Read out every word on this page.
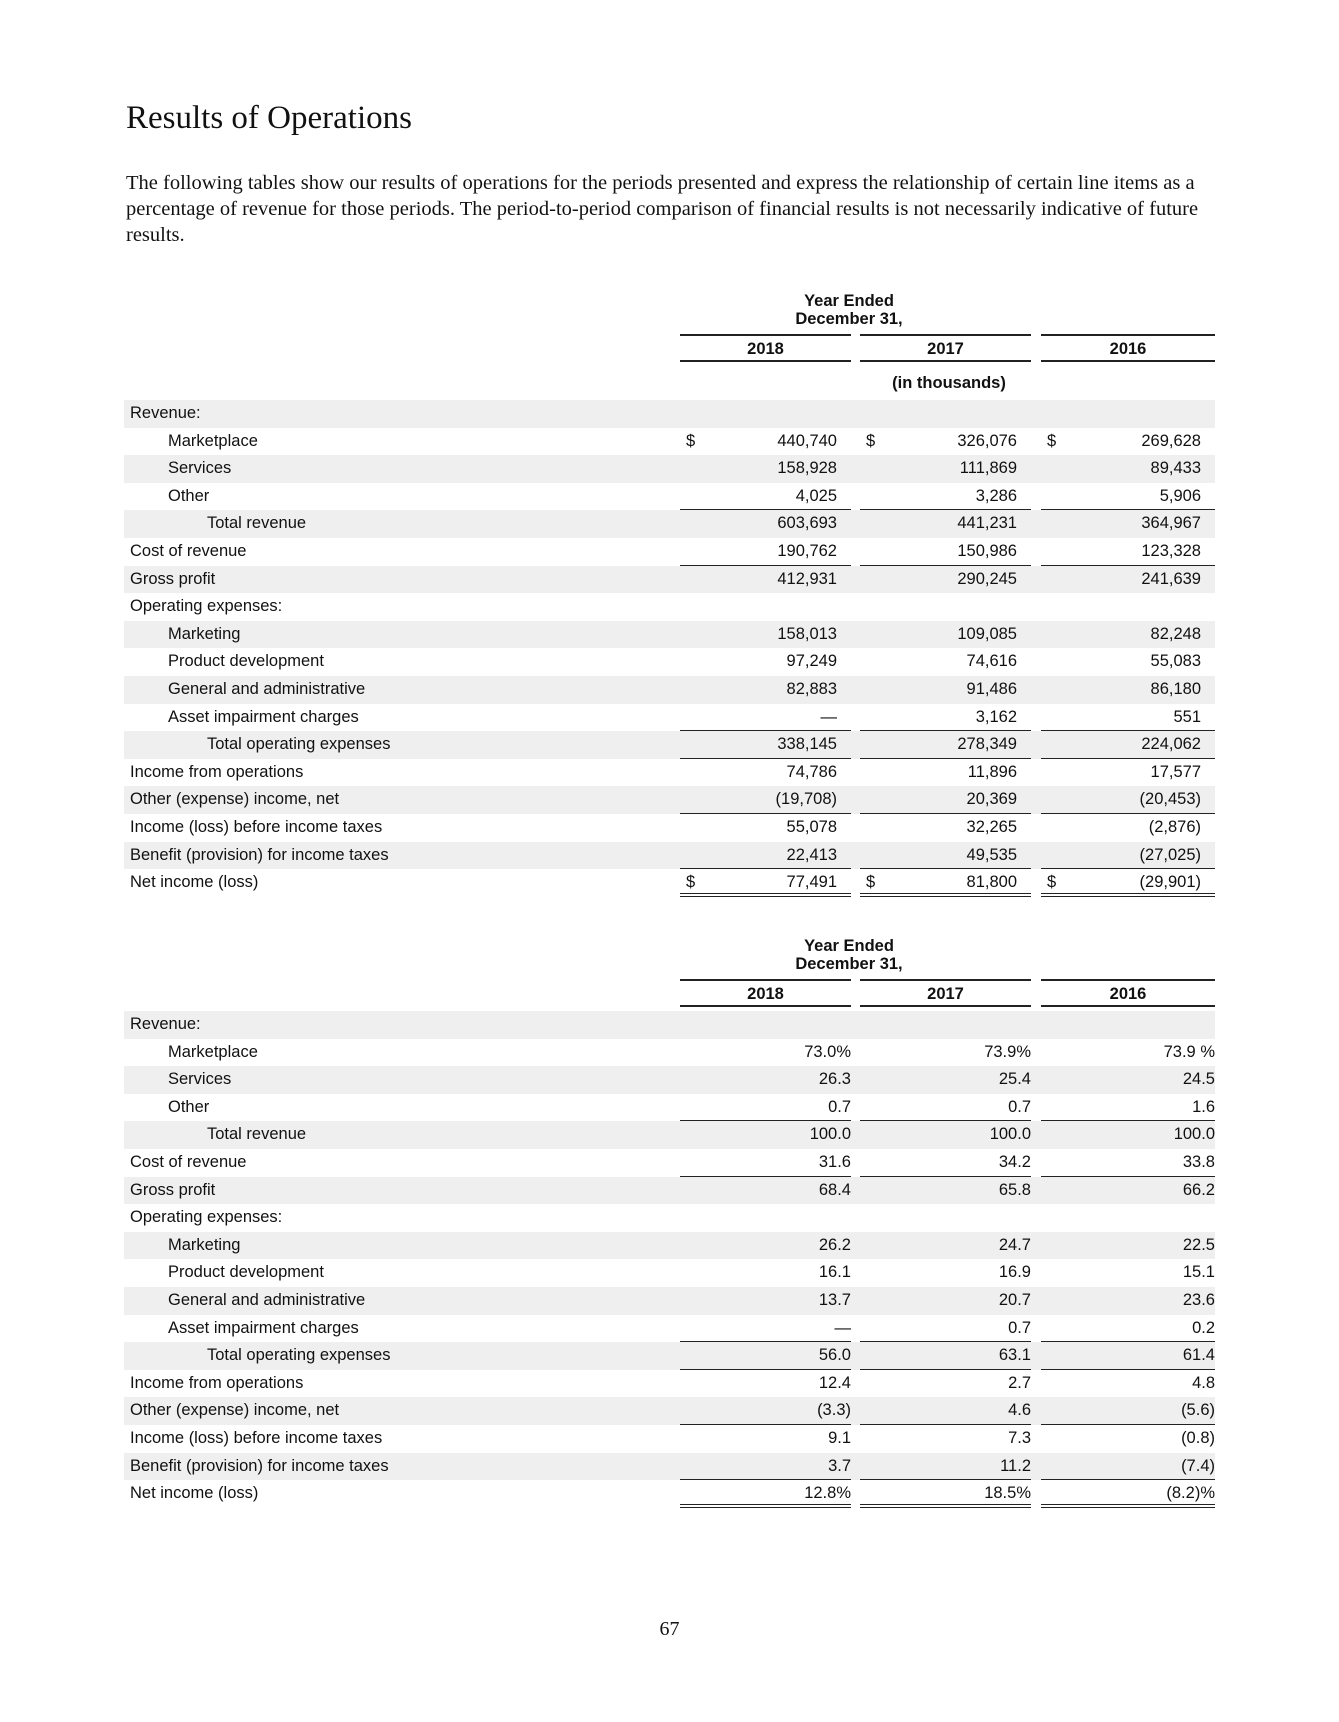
Results of Operations

The following tables show our results of operations for the periods presented and express the relationship of certain line items as a percentage of revenue for those periods. The period-to-period comparison of financial results is not necessarily indicative of future results.

Year Ended
December 31,
2018	2017	2016
(in thousands)
Revenue:
Marketplace	$	440,740 $	326,076 $	269,628
Services	158,928	111,869	89,433
Other	4,025	3,286	5,906
Total revenue	603,693	441,231	364,967
Cost of revenue	190,762	150,986	123,328
Gross profit	412,931	290,245	241,639
Operating expenses:
Marketing	158,013	109,085	82,248
Product development	97,249	74,616	55,083
General and administrative	82,883	91,486	86,180
Asset impairment charges	—	3,162	551
Total operating expenses	338,145	278,349	224,062
Income from operations	74,786	11,896	17,577
Other (expense) income, net	(19,708)	20,369	(20,453)
Income (loss) before income taxes	55,078	32,265	(2,876)
Benefit (provision) for income taxes	22,413	49,535	(27,025)
Net income (loss)	$	77,491 $	81,800 $	(29,901)
Year Ended
December 31,
2018	2017	2016
Revenue:
Marketplace	73.0%	73.9%	73.9 %
Services	26.3	25.4	24.5
Other	0.7	0.7	1.6
Total revenue	100.0	100.0	100.0
Cost of revenue	31.6	34.2	33.8
Gross profit	68.4	65.8	66.2
Operating expenses:
Marketing	26.2	24.7	22.5
Product development	16.1	16.9	15.1
General and administrative	13.7	20.7	23.6
Asset impairment charges	—	0.7	0.2
Total operating expenses	56.0	63.1	61.4
Income from operations	12.4	2.7	4.8
Other (expense) income, net	(3.3)	4.6	(5.6)
Income (loss) before income taxes	9.1	7.3	(0.8)
Benefit (provision) for income taxes	3.7	11.2	(7.4)
Net income (loss)	12.8%	18.5%	(8.2)%
67
